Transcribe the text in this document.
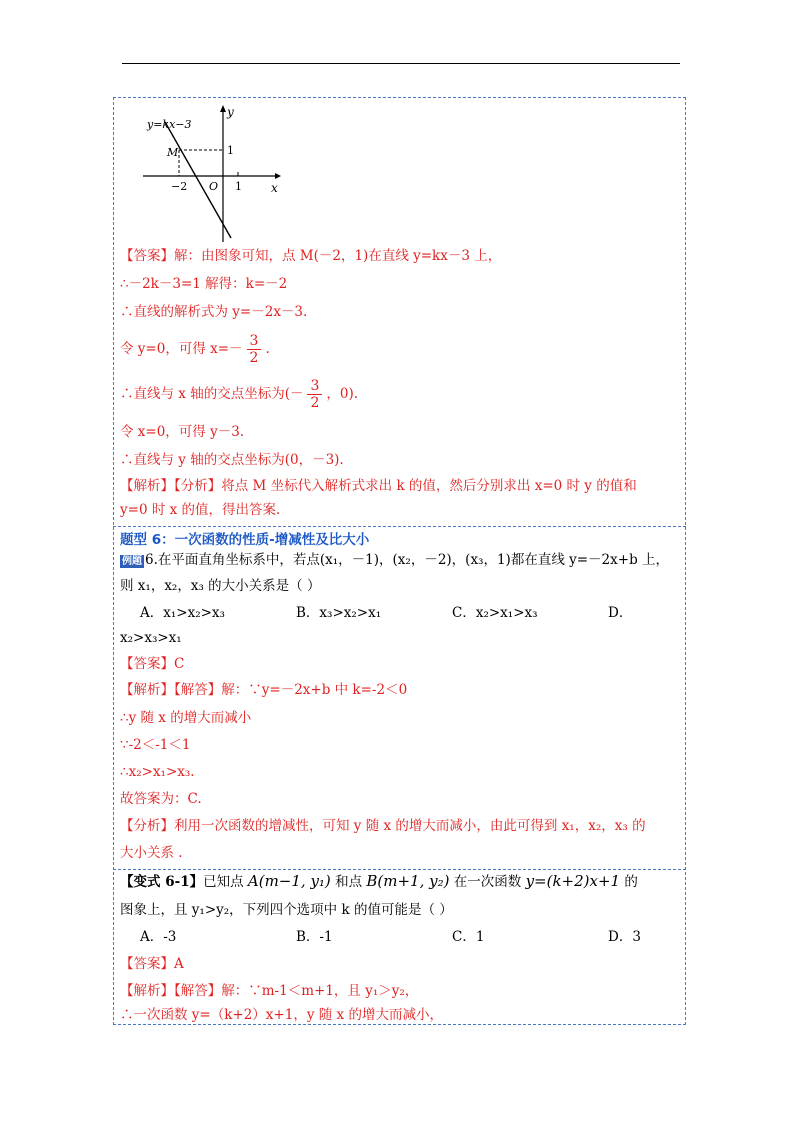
y=kx−3
y
x
M
O
−2	1
1
【答案】解：由图象可知，点 M(－2，1)在直线 y=kx－3 上，
∴－2k－3=1 解得：k=－2
∴直线的解析式为 y=－2x－3.
令 y=0，可得 $x=- \frac{3}{2}$ .
∴直线与 x 轴的交点坐标为(－ $\frac{3}{2}$ ，0).
令 x=0，可得 y－3.
∴直线与 y 轴的交点坐标为(0，－3).
【解析】【分析】将点 M 坐标代入解析式求出 k 的值，然后分别求出 x=0 时 y 的值和
y=0 时 x 的值，得出答案.
题型 6：一次函数的性质-增减性及比大小
例题 6.在平面直角坐标系中，若点(x₁，－1)，(x₂，－2)，(x₃，1)都在直线 y=－2x+b 上，
则 x₁，x₂，x₃ 的大小关系是（ ）
A．x₁>x₂>x₃	B．x₃>x₂>x₁	C．x₂>x₁>x₃	D．
x₂>x₃>x₁
【答案】C
【解析】【解答】解：∵y=－2x+b 中 k=-2＜0
∴y 随 x 的增大而减小
∵-2＜-1＜1
∴x₂>x₁>x₃.
故答案为：C.
【分析】利用一次函数的增减性，可知 y 随 x 的增大而减小，由此可得到 x₁，x₂，x₃ 的
大小关系 .
【变式 6-1】已知点 A(m−1, y₁) 和点 B(m+1, y₂) 在一次函数 y=(k+2)x+1 的
图象上，且 y₁>y₂，下列四个选项中 k 的值可能是（ ）
A．-3	B．-1	C．1	D．3
【答案】A
【解析】【解答】解：∵m-1＜m+1，且 y₁＞y₂，
∴一次函数 y=（k+2）x+1，y 随 x 的增大而减小，
